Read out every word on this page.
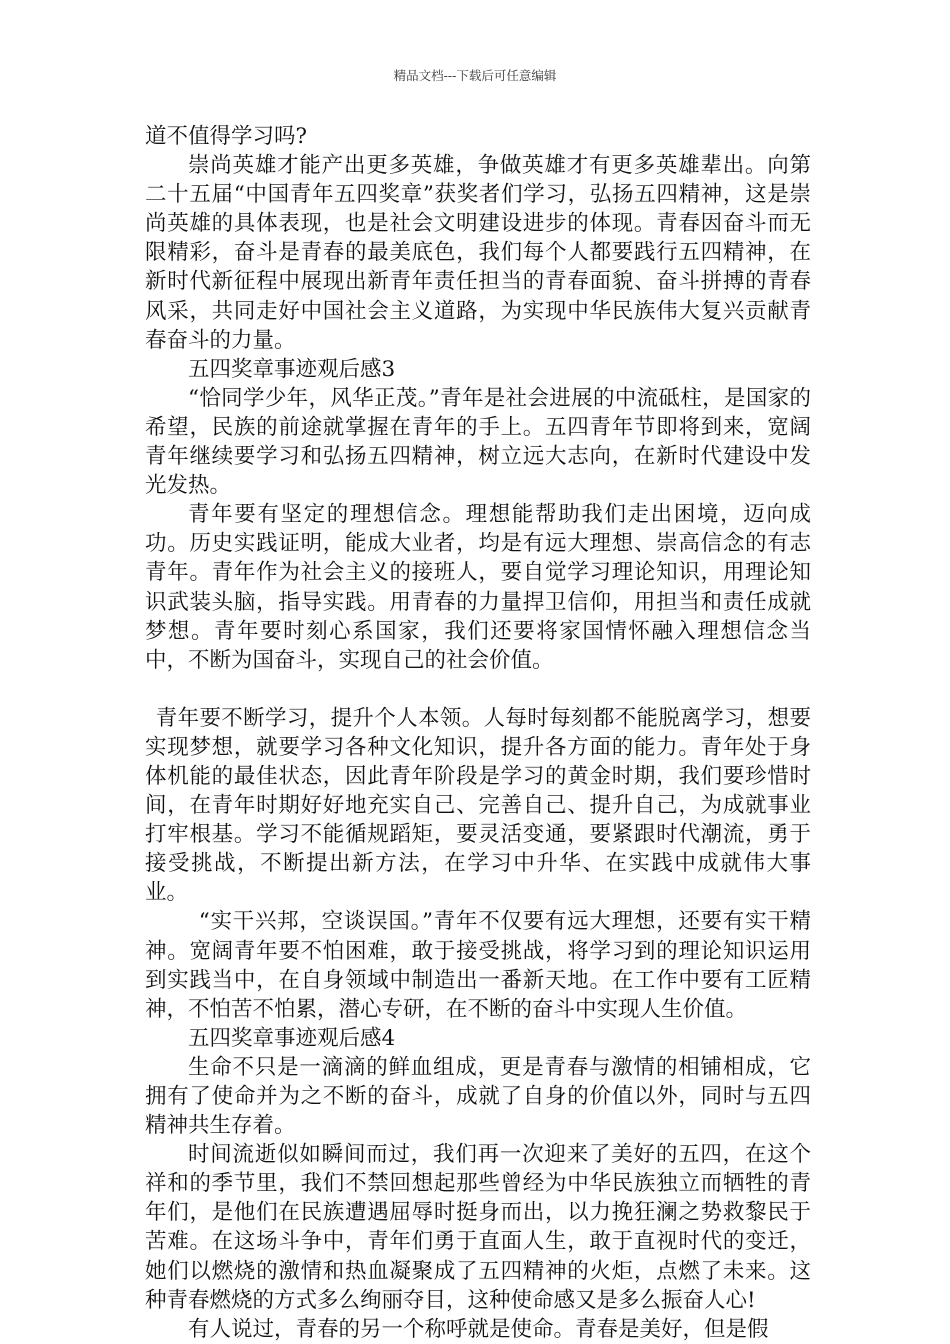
精品文档---下载后可任意编辑

道不值得学习吗?

崇尚英雄才能产出更多英雄，争做英雄才有更多英雄辈出。向第二十五届“中国青年五四奖章”获奖者们学习，弘扬五四精神，这是崇尚英雄的具体表现，也是社会文明建设进步的体现。青春因奋斗而无限精彩，奋斗是青春的最美底色，我们每个人都要践行五四精神，在新时代新征程中展现出新青年责任担当的青春面貌、奋斗拼搏的青春风采，共同走好中国社会主义道路，为实现中华民族伟大复兴贡献青春奋斗的力量。

五四奖章事迹观后感3

“恰同学少年，风华正茂。”青年是社会进展的中流砥柱，是国家的希望，民族的前途就掌握在青年的手上。五四青年节即将到来，宽阔青年继续要学习和弘扬五四精神，树立远大志向，在新时代建设中发光发热。

青年要有坚定的理想信念。理想能帮助我们走出困境，迈向成功。历史实践证明，能成大业者，均是有远大理想、崇高信念的有志青年。青年作为社会主义的接班人，要自觉学习理论知识，用理论知识武装头脑，指导实践。用青春的力量捍卫信仰，用担当和责任成就梦想。青年要时刻心系国家，我们还要将家国情怀融入理想信念当中，不断为国奋斗，实现自己的社会价值。

青年要不断学习，提升个人本领。人每时每刻都不能脱离学习，想要实现梦想，就要学习各种文化知识，提升各方面的能力。青年处于身体机能的最佳状态，因此青年阶段是学习的黄金时期，我们要珍惜时间，在青年时期好好地充实自己、完善自己、提升自己，为成就事业打牢根基。学习不能循规蹈矩，要灵活变通，要紧跟时代潮流，勇于接受挑战，不断提出新方法，在学习中升华、在实践中成就伟大事业。

“实干兴邦，空谈误国。”青年不仅要有远大理想，还要有实干精神。宽阔青年要不怕困难，敢于接受挑战，将学习到的理论知识运用到实践当中，在自身领域中制造出一番新天地。在工作中要有工匠精神，不怕苦不怕累，潜心专研，在不断的奋斗中实现人生价值。

五四奖章事迹观后感4

生命不只是一滴滴的鲜血组成，更是青春与激情的相铺相成，它拥有了使命并为之不断的奋斗，成就了自身的价值以外，同时与五四精神共生存着。

时间流逝似如瞬间而过，我们再一次迎来了美好的五四，在这个祥和的季节里，我们不禁回想起那些曾经为中华民族独立而牺牲的青年们，是他们在民族遭遇屈辱时挺身而出，以力挽狂澜之势救黎民于苦难。在这场斗争中，青年们勇于直面人生，敢于直视时代的变迁，她们以燃烧的激情和热血凝聚成了五四精神的火炬，点燃了未来。这种青春燃烧的方式多么绚丽夺目，这种使命感又是多么振奋人心!

有人说过，青春的另一个称呼就是使命。青春是美好，但是假
